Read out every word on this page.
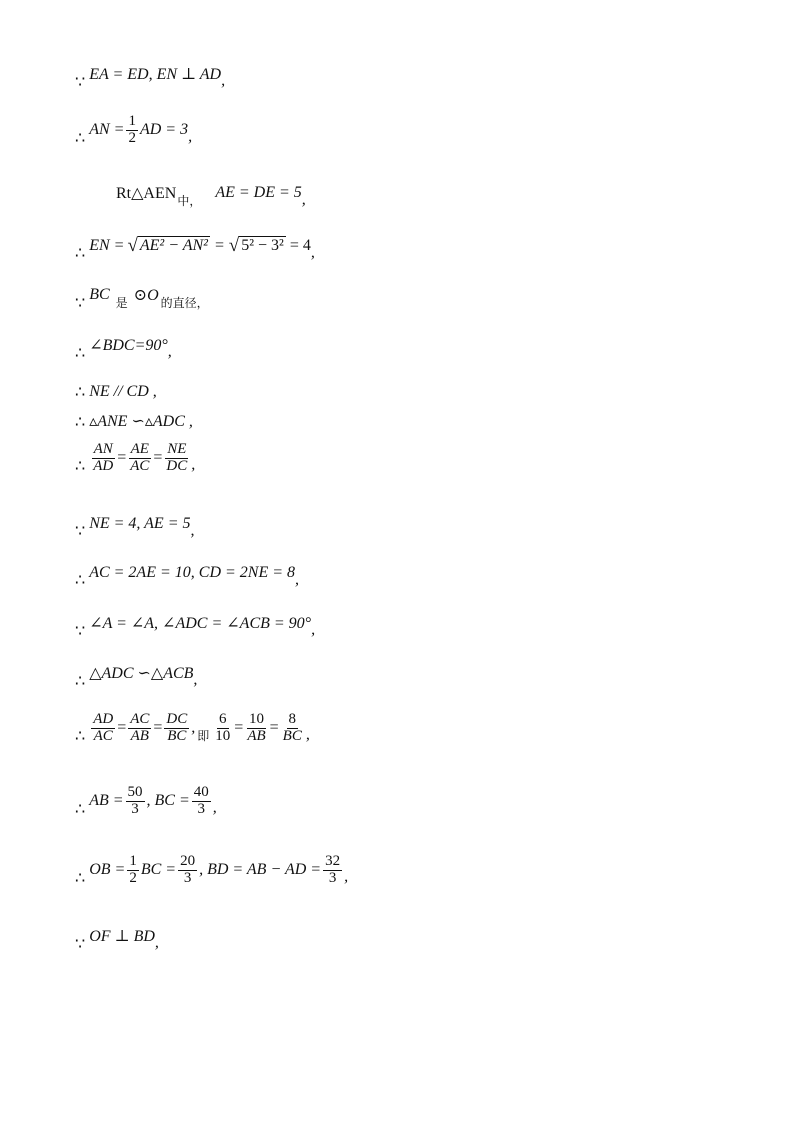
∵ EA = ED, EN ⊥ AD ,
∴ AN = $\frac{1}{2}$ AD = 3 ,
Rt△AEN 中， AE = DE = 5 ,
∴ EN = √ AE² − AN² = √ 5² − 3² = 4 ,
∵ BC 是 ⊙O 的直径，
∴ ∠BDC=90° ,
∴ NE // CD ,
∴ ▵ANE ∽▵ADC ,
∴ $\frac{AN}{AD} = \frac{AE}{AC} = \frac{NE}{DC}$ ,
∵ NE = 4, AE = 5 ,
∴ AC = 2AE = 10, CD = 2NE = 8 ,
∵ ∠A = ∠A, ∠ADC = ∠ACB = 90° ,
∴ △ADC ∽△ACB ,
∴ $\frac{AD}{AC} = \frac{AC}{AB} = \frac{DC}{BC}$ , 即 $\frac{6}{10} = \frac{10}{AB} = \frac{8}{BC}$ ,
∴ AB = $\frac{50}{3}$ , BC = $\frac{40}{3}$ ,
∴ OB = $\frac{1}{2}$ BC = $\frac{20}{3}$ , BD = AB − AD = $\frac{32}{3}$ ,
∵ OF ⊥ BD ,
